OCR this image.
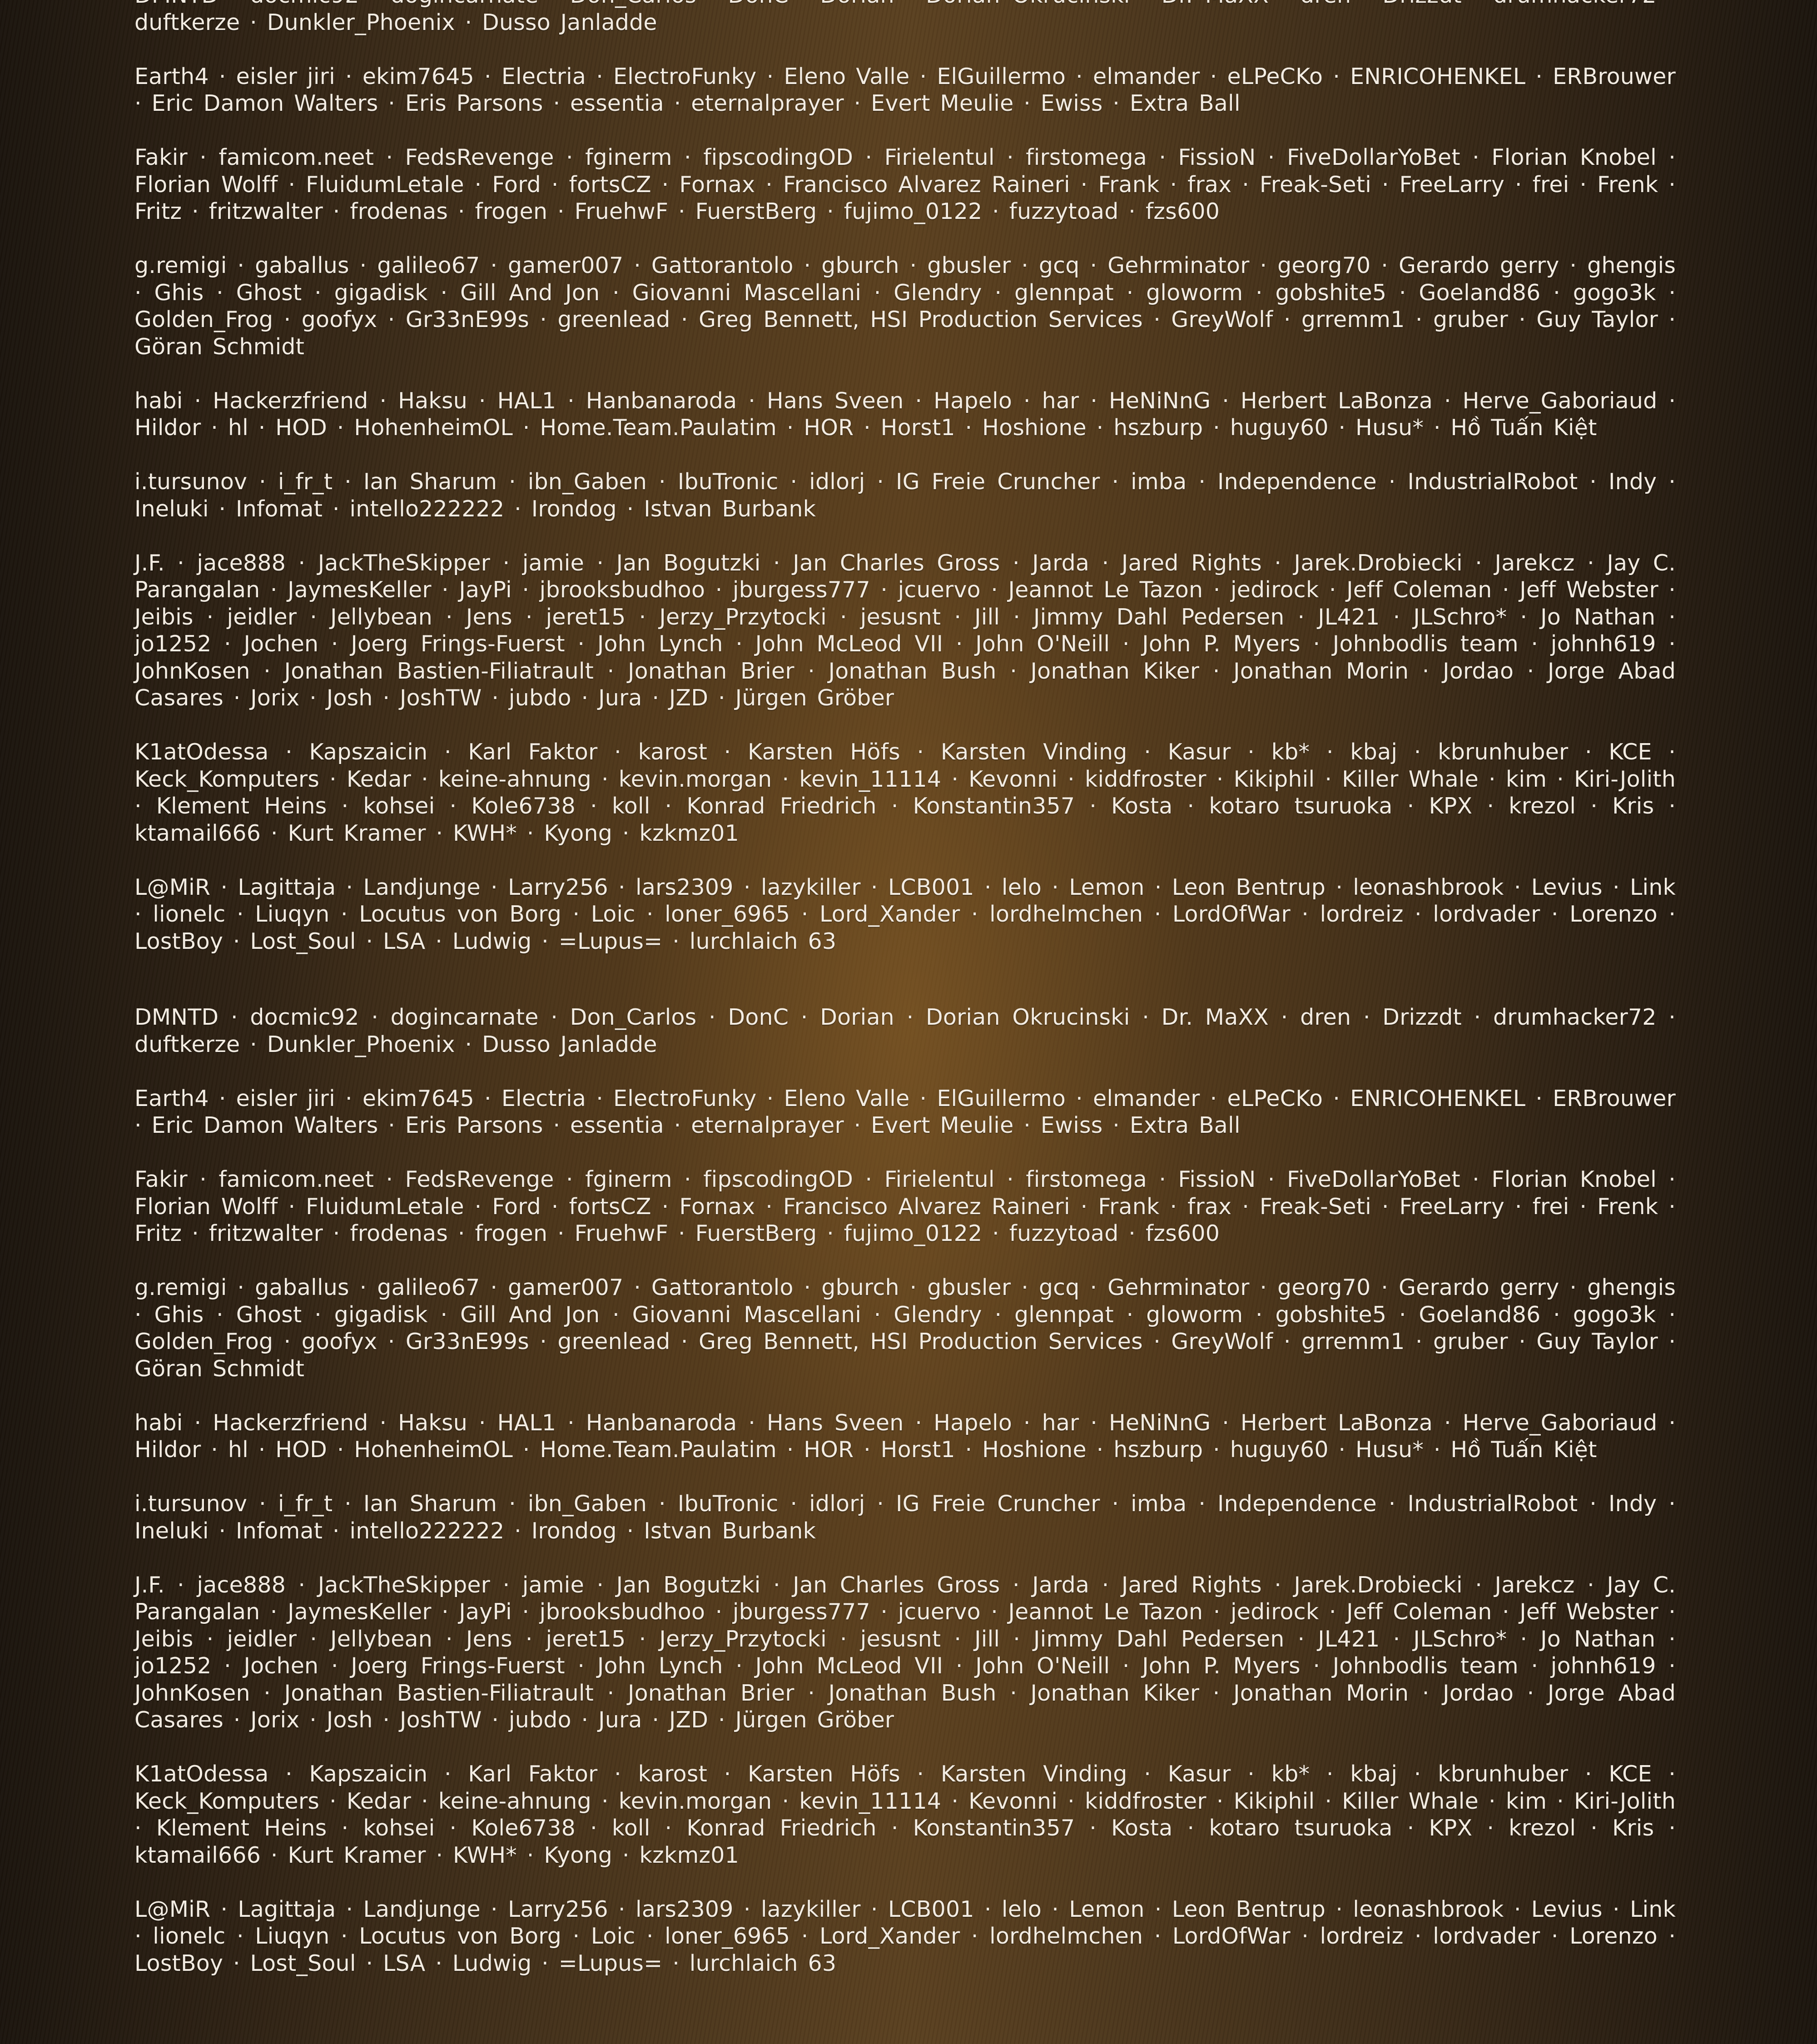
duftkerze · Dunkler_Phoenix · Dusso Janladde

Earth4 · eisler jiri · ekim7645 · Electria · ElectroFunky · Eleno Valle · ElGuillermo · elmander · eLPeCKo · ENRICOHENKEL · ERBrouwer · Eric Damon Walters · Eris Parsons · essentia · eternalprayer · Evert Meulie · Ewiss · Extra Ball

Fakir · famicom.neet · FedsRevenge · fginerm · fipscodingOD · Firielentul · firstomega · FissioN · FiveDollarYoBet · Florian Knobel · Florian Wolff · FluidumLetale · Ford · fortsCZ · Fornax · Francisco Alvarez Raineri · Frank · frax · Freak-Seti · FreeLarry · frei · Frenk · Fritz · fritzwalter · frodenas · frogen · FruehwF · FuerstBerg · fujimo_0122 · fuzzytoad · fzs600

g.remigi · gaballus · galileo67 · gamer007 · Gattorantolo · gburch · gbusler · gcq · Gehrminator · georg70 · Gerardo gerry · ghengis · Ghis · Ghost · gigadisk · Gill And Jon · Giovanni Mascellani · Glendry · glennpat · gloworm · gobshite5 · Goeland86 · gogo3k · Golden_Frog · goofyx · Gr33nE99s · greenlead · Greg Bennett, HSI Production Services · GreyWolf · grremm1 · gruber · Guy Taylor · Göran Schmidt

habi · Hackerzfriend · Haksu · HAL1 · Hanbanaroda · Hans Sveen · Hapelo · har · HeNiNnG · Herbert LaBonza · Herve_Gaboriaud · Hildor · hl · HOD · HohenheimOL · Home.Team.Paulatim · HOR · Horst1 · Hoshione · hszburp · huguy60 · Husu* · Hồ Tuấn Kiệt

i.tursunov · i_fr_t · Ian Sharum · ibn_Gaben · IbuTronic · idlorj · IG Freie Cruncher · imba · Independence · IndustrialRobot · Indy · Ineluki · Infomat · intello222222 · Irondog · Istvan Burbank

J.F. · jace888 · JackTheSkipper · jamie · Jan Bogutzki · Jan Charles Gross · Jarda · Jared Rights · Jarek.Drobiecki · Jarekcz · Jay C. Parangalan · JaymesKeller · JayPi · jbrooksbudhoo · jburgess777 · jcuervo · Jeannot Le Tazon · jedirock · Jeff Coleman · Jeff Webster · Jeibis · jeidler · Jellybean · Jens · jeret15 · Jerzy_Przytocki · jesusnt · Jill · Jimmy Dahl Pedersen · JL421 · JLSchro* · Jo Nathan · jo1252 · Jochen · Joerg Frings-Fuerst · John Lynch · John McLeod VII · John O'Neill · John P. Myers · Johnbodlis team · johnh619 · JohnKosen · Jonathan Bastien-Filiatrault · Jonathan Brier · Jonathan Bush · Jonathan Kiker · Jonathan Morin · Jordao · Jorge Abad Casares · Jorix · Josh · JoshTW · jubdo · Jura · JZD · Jürgen Gröber

K1atOdessa · Kapszaicin · Karl Faktor · karost · Karsten Höfs · Karsten Vinding · Kasur · kb* · kbaj · kbrunhuber · KCE · Keck_Komputers · Kedar · keine-ahnung · kevin.morgan · kevin_11114 · Kevonni · kiddfroster · Kikiphil · Killer Whale · kim · Kiri-Jolith · Klement Heins · kohsei · Kole6738 · koll · Konrad Friedrich · Konstantin357 · Kosta · kotaro tsuruoka · KPX · krezol · Kris · ktamail666 · Kurt Kramer · KWH* · Kyong · kzkmz01

L@MiR · Lagittaja · Landjunge · Larry256 · lars2309 · lazykiller · LCB001 · lelo · Lemon · Leon Bentrup · leonashbrook · Levius · Link · lionelc · Liuqyn · Locutus von Borg · Loic · loner_6965 · Lord_Xander · lordhelmchen · LordOfWar · lordreiz · lordvader · Lorenzo · LostBoy · Lost_Soul · LSA · Ludwig · =Lupus= · lurchlaich 63

DMNTD · docmic92 · dogincarnate · Don_Carlos · DonC · Dorian · Dorian Okrucinski · Dr. MaXX · dren · Drizzdt · drumhacker72 · duftkerze · Dunkler_Phoenix · Dusso Janladde

Earth4 · eisler jiri · ekim7645 · Electria · ElectroFunky · Eleno Valle · ElGuillermo · elmander · eLPeCKo · ENRICOHENKEL · ERBrouwer · Eric Damon Walters · Eris Parsons · essentia · eternalprayer · Evert Meulie · Ewiss · Extra Ball

Fakir · famicom.neet · FedsRevenge · fginerm · fipscodingOD · Firielentul · firstomega · FissioN · FiveDollarYoBet · Florian Knobel · Florian Wolff · FluidumLetale · Ford · fortsCZ · Fornax · Francisco Alvarez Raineri · Frank · frax · Freak-Seti · FreeLarry · frei · Frenk · Fritz · fritzwalter · frodenas · frogen · FruehwF · FuerstBerg · fujimo_0122 · fuzzytoad · fzs600

g.remigi · gaballus · galileo67 · gamer007 · Gattorantolo · gburch · gbusler · gcq · Gehrminator · georg70 · Gerardo gerry · ghengis · Ghis · Ghost · gigadisk · Gill And Jon · Giovanni Mascellani · Glendry · glennpat · gloworm · gobshite5 · Goeland86 · gogo3k · Golden_Frog · goofyx · Gr33nE99s · greenlead · Greg Bennett, HSI Production Services · GreyWolf · grremm1 · gruber · Guy Taylor · Göran Schmidt

habi · Hackerzfriend · Haksu · HAL1 · Hanbanaroda · Hans Sveen · Hapelo · har · HeNiNnG · Herbert LaBonza · Herve_Gaboriaud · Hildor · hl · HOD · HohenheimOL · Home.Team.Paulatim · HOR · Horst1 · Hoshione · hszburp · huguy60 · Husu* · Hồ Tuấn Kiệt

i.tursunov · i_fr_t · Ian Sharum · ibn_Gaben · IbuTronic · idlorj · IG Freie Cruncher · imba · Independence · IndustrialRobot · Indy · Ineluki · Infomat · intello222222 · Irondog · Istvan Burbank

J.F. · jace888 · JackTheSkipper · jamie · Jan Bogutzki · Jan Charles Gross · Jarda · Jared Rights · Jarek.Drobiecki · Jarekcz · Jay C. Parangalan · JaymesKeller · JayPi · jbrooksbudhoo · jburgess777 · jcuervo · Jeannot Le Tazon · jedirock · Jeff Coleman · Jeff Webster · Jeibis · jeidler · Jellybean · Jens · jeret15 · Jerzy_Przytocki · jesusnt · Jill · Jimmy Dahl Pedersen · JL421 · JLSchro* · Jo Nathan · jo1252 · Jochen · Joerg Frings-Fuerst · John Lynch · John McLeod VII · John O'Neill · John P. Myers · Johnbodlis team · johnh619 · JohnKosen · Jonathan Bastien-Filiatrault · Jonathan Brier · Jonathan Bush · Jonathan Kiker · Jonathan Morin · Jordao · Jorge Abad Casares · Jorix · Josh · JoshTW · jubdo · Jura · JZD · Jürgen Gröber

K1atOdessa · Kapszaicin · Karl Faktor · karost · Karsten Höfs · Karsten Vinding · Kasur · kb* · kbaj · kbrunhuber · KCE · Keck_Komputers · Kedar · keine-ahnung · kevin.morgan · kevin_11114 · Kevonni · kiddfroster · Kikiphil · Killer Whale · kim · Kiri-Jolith · Klement Heins · kohsei · Kole6738 · koll · Konrad Friedrich · Konstantin357 · Kosta · kotaro tsuruoka · KPX · krezol · Kris · ktamail666 · Kurt Kramer · KWH* · Kyong · kzkmz01

L@MiR · Lagittaja · Landjunge · Larry256 · lars2309 · lazykiller · LCB001 · lelo · Lemon · Leon Bentrup · leonashbrook · Levius · Link · lionelc · Liuqyn · Locutus von Borg · Loic · loner_6965 · Lord_Xander · lordhelmchen · LordOfWar · lordreiz · lordvader · Lorenzo · LostBoy · Lost_Soul · LSA · Ludwig · =Lupus= · lurchlaich 63
